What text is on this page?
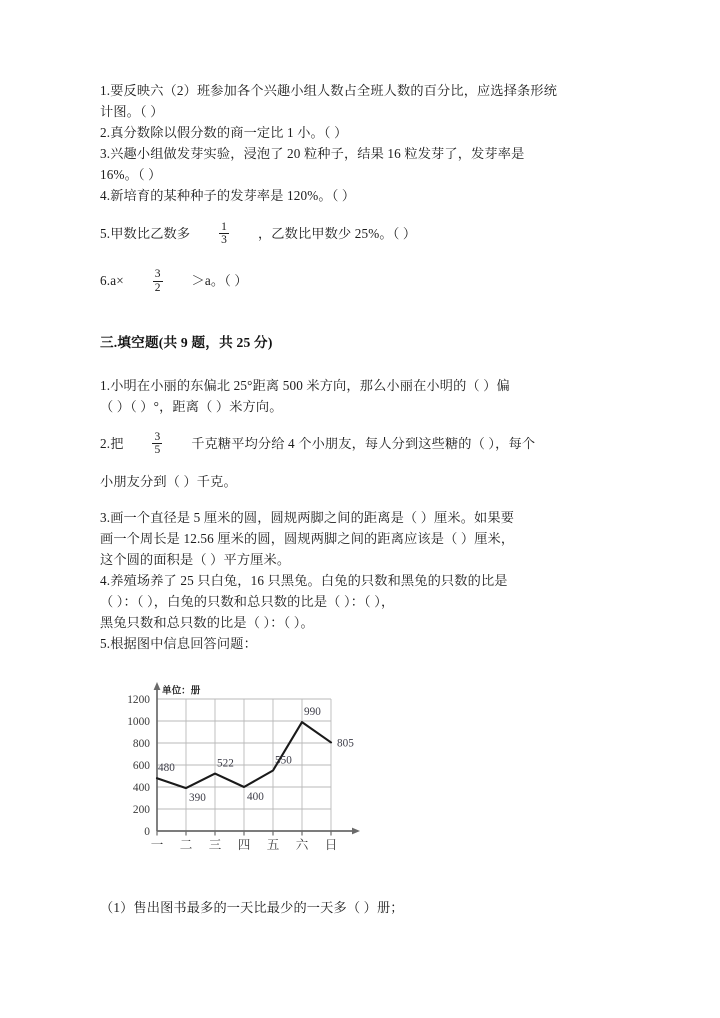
1.要反映六（2）班参加各个兴趣小组人数占全班人数的百分比，应选择条形统
计图。（ ）
2.真分数除以假分数的商一定比 1 小。（ ）
3.兴趣小组做发芽实验，浸泡了 20 粒种子，结果 16 粒发芽了，发芽率是
16%。（ ）
4.新培育的某种种子的发芽率是 120%。（ ）
5.甲数比乙数多	$\frac{1}{3}$ ，乙数比甲数少 25%。（ ）
6.a×	$\frac{3}{2} >a$。（ ）
三.填空题(共 9 题，共 25 分)
1.小明在小丽的东偏北 25°距离 500 米方向，那么小丽在小明的（ ）偏
（ ）（ ）°，距离（ ）米方向。
2.把	$\frac{3}{5}$ 千克糖平均分给 4 个小朋友，每人分到这些糖的（ ），每个
小朋友分到（ ）千克。
3.画一个直径是 5 厘米的圆，圆规两脚之间的距离是（ ）厘米。如果要
画一个周长是 12.56 厘米的圆，圆规两脚之间的距离应该是（ ）厘米，
这个圆的面积是（ ）平方厘米。
4.养殖场养了 25 只白兔，16 只黑兔。白兔的只数和黑兔的只数的比是
（ ）：（ ），白兔的只数和总只数的比是（ ）：（ ），
黑兔只数和总只数的比是（ ）：（ ）。
5.根据图中信息回答问题：
单位：册
0
200
400
600
800
1000
1200
一 二 三 四 五 六 日
480
390
522
400
550
990
805
（1）售出图书最多的一天比最少的一天多（ ）册；
